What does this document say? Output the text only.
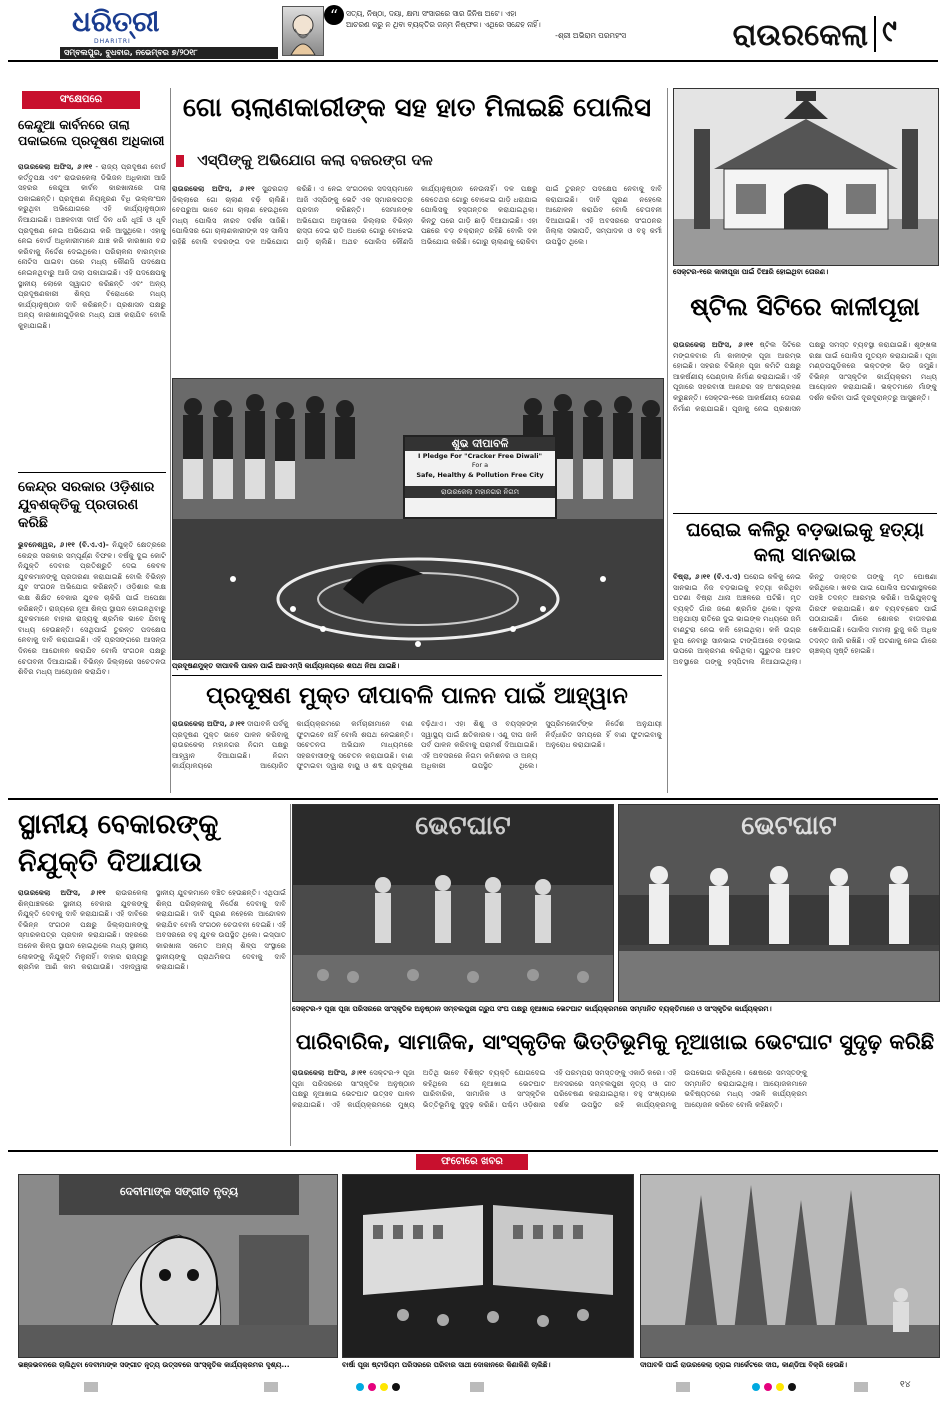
ଧରିତ୍ରୀ
DHARITRI
ସମ୍ବଲପୁର, ବୁଧବାର, ନଭେମ୍ବର ୭/୨୦୧୮
“	ସତ୍ୟ, ନିଷ୍ଠା, ଦୟା, କ୍ଷମା ସଂସାରରେ ସାର ଜିନିଷ ଅଟେ। ଏହା
ଆଚରଣ କରୁ ନ ଥିବା ବ୍ୟକ୍ତିର ଜନ୍ମ ନିଷ୍ଫଳ। ଏଥିରେ ସନ୍ଦେହ ନାହିଁ।
-ଶ୍ରୀ ଅଭିରାମ ପରମହଂସ	ରାଉରକେଲା ୯
ସଂକ୍ଷେପରେ
କେନ୍ଦୁଆ କାର୍ବନରେ ତାଲା ପକାଇଲେ ପ୍ରଦୂଷଣ ଅଧିକାରୀ
ରାଉରକେଲା ଅଫିସ, ୬।୧୧ - ରାଜ୍ୟ ପ୍ରଦୂଷଣ ବୋର୍ଡ କର୍ତ୍ତୃପକ୍ଷ ଏବଂ ରାଉରକେଲା ଡିଭିଜନ ଅଧିକାରୀ ଆଜି ସହରର କେନ୍ଦୁଆ କାର୍ବନ କାରଖାନାରେ ତାଲା ପକାଇଛନ୍ତି। ପ୍ରଦୂଷଣ ନିୟନ୍ତ୍ରଣ ବିଧି ଉଲ୍ଲଂଘନ କରୁଥିବା ଅଭିଯୋଗରେ ଏହି କାର୍ଯ୍ୟାନୁଷ୍ଠାନ ନିଆଯାଇଛି। ଅଞ୍ଚଳବାସୀ ଦୀର୍ଘ ଦିନ ଧରି ଧୂଆଁ ଓ ଧୂଳି ପ୍ରଦୂଷଣ ନେଇ ଅଭିଯୋଗ କରି ଆସୁଥିଲେ। ଏହାକୁ ନେଇ ବୋର୍ଡ ଅଧିକାରୀମାନେ ଯାଞ୍ଚ କରି କାରଖାନା ବନ୍ଦ କରିବାକୁ ନିର୍ଦ୍ଦେଶ ଦେଇଥିଲେ। ପରିଚାଳନା ବାରମ୍ବାର ନୋଟିସ ପାଇବା ପରେ ମଧ୍ୟ କୌଣସି ପଦକ୍ଷେପ ନେଇନଥିବାରୁ ଆଜି ତାଲା ପକାଯାଇଛି। ଏହି ପଦକ୍ଷେପକୁ ସ୍ଥାନୀୟ ଲୋକେ ସ୍ୱାଗତ କରିଛନ୍ତି ଏବଂ ଅନ୍ୟ ପ୍ରଦୂଷଣକାରୀ ଶିଳ୍ପ ବିରୋଧରେ ମଧ୍ୟ କାର୍ଯ୍ୟାନୁଷ୍ଠାନ ଦାବି କରିଛନ୍ତି। ପ୍ରଶାସନ ପକ୍ଷରୁ ଅନ୍ୟ କାରଖାନାଗୁଡ଼ିକର ମଧ୍ୟ ଯାଞ୍ଚ କରାଯିବ ବୋଲି କୁହାଯାଇଛି।
କେନ୍ଦ୍ର ସରକାର ଓଡ଼ିଶାର ଯୁବଶକ୍ତିକୁ ପ୍ରତାରଣ କରିଛି
ଭୁବନେଶ୍ୱର, ୬।୧୧ (ବି.ଏ.ଏ)- ନିଯୁକ୍ତି କ୍ଷେତ୍ରରେ କେନ୍ଦ୍ର ସରକାର ସମ୍ପୂର୍ଣ୍ଣ ବିଫଳ। ବର୍ଷକୁ ଦୁଇ କୋଟି ନିଯୁକ୍ତି ଦେବାର ପ୍ରତିଶ୍ରୁତି ଦେଇ କେବଳ ଯୁବକମାନଙ୍କୁ ପ୍ରତାରଣା କରାଯାଇଛି ବୋଲି ବିଭିନ୍ନ ଯୁବ ସଂଗଠନ ଅଭିଯୋଗ କରିଛନ୍ତି। ଓଡ଼ିଶାର ଲକ୍ଷ ଲକ୍ଷ ଶିକ୍ଷିତ ବେକାର ଯୁବକ ଚାକିରି ପାଇଁ ଅପେକ୍ଷା କରିଛନ୍ତି। ରାଜ୍ୟରେ ନୂଆ ଶିଳ୍ପ ସ୍ଥାପନ ହୋଇନଥିବାରୁ ଯୁବକମାନେ ବାହାର ରାଜ୍ୟକୁ ଶ୍ରମିକ ଭାବେ ଯିବାକୁ ବାଧ୍ୟ ହେଉଛନ୍ତି। ସେଥିପାଇଁ ତୁରନ୍ତ ପଦକ୍ଷେପ ନେବାକୁ ଦାବି କରାଯାଇଛି। ଏହି ପ୍ରସଙ୍ଗରେ ଆସନ୍ତା ଦିନରେ ଆନ୍ଦୋଳନ କରାଯିବ ବୋଲି ସଂଗଠନ ପକ୍ଷରୁ ଚେତାବନୀ ଦିଆଯାଇଛି। ବିଭିନ୍ନ ଜିଲ୍ଲାରେ ସଚେତନତା ଶିବିର ମଧ୍ୟ ଆୟୋଜନ କରାଯିବ।
ଗୋ ଚାଲାଣକାରୀଙ୍କ ସହ ହାତ ମିଳାଇଛି ପୋଲିସ
ଏସ୍‌ପିଙ୍କୁ ଅଭିଯୋଗ କଲା ବଜରଙ୍ଗ ଦଳ
ରାଉରକେଲା ଅଫିସ, ୬।୧୧ ସୁନ୍ଦରଗଡ଼ ଜିଲ୍ଲାରେ ଗୋ ଚାଲାଣ ବଢ଼ି ଚାଲିଛି। ବେପରୁଆ ଭାବେ ଗୋ ଚାଲାଣ ହେଉଥିଲେ ମଧ୍ୟ ପୋଲିସ ନୀରବ ଦର୍ଶକ ସାଜିଛି। ପୋଲିସର ଗୋ ଚାଲାଣକାରୀଙ୍କ ସହ ସାଲିସ ରହିଛି ବୋଲି ବଜରଙ୍ଗ ଦଳ ଅଭିଯୋଗ କରିଛି। ଏ ନେଇ ସଂଗଠନର ସଦସ୍ୟମାନେ ଆଜି ଏସ୍‌ପିଙ୍କୁ ଭେଟି ଏକ ସ୍ମାରକପତ୍ର ପ୍ରଦାନ କରିଛନ୍ତି। ସେମାନଙ୍କ ଅଭିଯୋଗ ଅନୁସାରେ ଜିଲ୍ଲାର ବିଭିନ୍ନ ରାସ୍ତା ଦେଇ ରାତି ଅଧରେ ଗୋରୁ ବୋଝେଇ ଗାଡ଼ି ଚାଲିଛି। ଅଥଚ ପୋଲିସ କୌଣସି କାର୍ଯ୍ୟାନୁଷ୍ଠାନ ନେଉନାହିଁ। ଦଳ ପକ୍ଷରୁ କେତେଥର ଗୋରୁ ବୋଝେଇ ଗାଡ଼ି ଧରାଯାଇ ପୋଲିସକୁ ହସ୍ତାନ୍ତର କରାଯାଇଥିଲା। କିନ୍ତୁ ପରେ ଗାଡ଼ି ଛାଡ଼ି ଦିଆଯାଇଛି। ଏହା ପଛରେ ବଡ଼ ଚକ୍ରାନ୍ତ ରହିଛି ବୋଲି ଦଳ ଅଭିଯୋଗ କରିଛି। ଗୋରୁ ଚାଲାଣକୁ ରୋକିବା ପାଇଁ ତୁରନ୍ତ ପଦକ୍ଷେପ ନେବାକୁ ଦାବି କରାଯାଇଛି। ଦାବି ପୂରଣ ନହେଲେ ଆନ୍ଦୋଳନ କରାଯିବ ବୋଲି ଚେତାବନୀ ଦିଆଯାଇଛି। ଏହି ଅବସରରେ ସଂଗଠନର ଜିଲ୍ଲା ସଭାପତି, ସମ୍ପାଦକ ଓ ବହୁ କର୍ମୀ ଉପସ୍ଥିତ ଥିଲେ।
ଶୁଭ ଦୀପାବଳି
I Pledge For "Cracker Free Diwali"
For a
Safe, Healthy & Pollution Free City
ରାଉରକେଲା ମହାନଗର ନିଗମ
ପ୍ରଦୂଷଣମୁକ୍ତ ଦୀପାବଳି ପାଳନ ପାଇଁ ଆରଏମ୍‌ସି କାର୍ଯ୍ୟାଳୟରେ ଶପଥ ନିଆ ଯାଇଛି।
ପ୍ରଦୂଷଣ ମୁକ୍ତ ଦୀପାବଳି ପାଳନ ପାଇଁ ଆହ୍ୱାନ
ରାଉରକେଲା ଅଫିସ, ୬।୧୧ ଦୀପାବଳି ପର୍ବକୁ ପ୍ରଦୂଷଣ ମୁକ୍ତ ଭାବେ ପାଳନ କରିବାକୁ ରାଉରକେଲା ମହାନଗର ନିଗମ ପକ୍ଷରୁ ଆହ୍ୱାନ ଦିଆଯାଇଛି। ନିଗମ କାର୍ଯ୍ୟାଳୟରେ ଆୟୋଜିତ କାର୍ଯ୍ୟକ୍ରମରେ କର୍ମଚାରୀମାନେ ବାଣ ଫୁଟାଇବେ ନାହିଁ ବୋଲି ଶପଥ ନେଇଛନ୍ତି। ସଚେତନତା ଅଭିଯାନ ମାଧ୍ୟମରେ ସହରବାସୀଙ୍କୁ ସଚେତନ କରାଯାଉଛି। ବାଣ ଫୁଟାଇବା ଦ୍ୱାରା ବାୟୁ ଓ ଶବ୍ଦ ପ୍ରଦୂଷଣ ବଢ଼ିଥାଏ। ଏହା ଶିଶୁ ଓ ବୟସ୍କଙ୍କ ସ୍ୱାସ୍ଥ୍ୟ ପାଇଁ କ୍ଷତିକାରକ। ଏଣୁ ଦୀପ ଜାଳି ପର୍ବ ପାଳନ କରିବାକୁ ପରାମର୍ଶ ଦିଆଯାଇଛି। ଏହି ଅବସରରେ ନିଗମ କମିଶନର ଓ ଅନ୍ୟ ଅଧିକାରୀ ଉପସ୍ଥିତ ଥିଲେ। ସୁପ୍ରିମକୋର୍ଟଙ୍କ ନିର୍ଦ୍ଦେଶ ଅନୁଯାୟୀ ନିର୍ଦ୍ଧାରିତ ସମୟରେ ହିଁ ବାଣ ଫୁଟାଇବାକୁ ଅନୁରୋଧ କରାଯାଇଛି।
ସେକ୍ଟର-୧ରେ କାଳୀପୂଜା ପାଇଁ ତିଆରି ହୋଇଥିବା ତୋରଣ।
ଷ୍ଟିଲ ସିଟିରେ କାଳୀପୂଜା
ରାଉରକେଲା ଅଫିସ, ୬।୧୧ ଷ୍ଟିଲ ସିଟିରେ ମଙ୍ଗଳବାର ମାଁ କାଳୀଙ୍କ ପୂଜା ଆରମ୍ଭ ହୋଇଛି। ସହରର ବିଭିନ୍ନ ପୂଜା କମିଟି ପକ୍ଷରୁ ଆକର୍ଷଣୀୟ ପେଣ୍ଡାଲ ନିର୍ମାଣ କରାଯାଇଛି। ଏହି ପୂଜାରେ ସହରବାସୀ ଆନନ୍ଦର ସହ ଅଂଶଗ୍ରହଣ କରୁଛନ୍ତି। ସେକ୍ଟର-୧ରେ ଆକର୍ଷଣୀୟ ତୋରଣ ନିର୍ମାଣ କରାଯାଇଛି। ପୂଜାକୁ ନେଇ ପ୍ରଶାସନ ପକ୍ଷରୁ ସମସ୍ତ ବ୍ୟବସ୍ଥା କରାଯାଇଛି। ଶୃଙ୍ଖଳା ରକ୍ଷା ପାଇଁ ପୋଲିସ ମୁତୟନ କରାଯାଇଛି। ପୂଜା ମଣ୍ଡପଗୁଡ଼ିକରେ ଭକ୍ତଙ୍କ ଭିଡ଼ ଜମୁଛି। ବିଭିନ୍ନ ସାଂସ୍କୃତିକ କାର୍ଯ୍ୟକ୍ରମ ମଧ୍ୟ ଆୟୋଜନ କରାଯାଇଛି। ଭକ୍ତମାନେ ମାଁଙ୍କୁ ଦର୍ଶନ କରିବା ପାଇଁ ଦୂରଦୂରାନ୍ତରୁ ଆସୁଛନ୍ତି।
ଘରୋଇ କଳିରୁ ବଡ଼ଭାଇକୁ ହତ୍ୟା କଲା ସାନଭାଇ
ବିଷ୍ରା, ୬।୧୧ (ବି.ଏ.ଏ) ଘରୋଇ କଳିକୁ ନେଇ ସାନଭାଇ ନିଜ ବଡ଼ଭାଇକୁ ହତ୍ୟା କରିଥିବା ଘଟଣା ବିଷ୍ରା ଥାନା ଅଞ୍ଚଳରେ ଘଟିଛି। ମୃତ ବ୍ୟକ୍ତି ଗାଁର ଜଣେ ଶ୍ରମିକ ଥିଲେ। ସୂଚନା ଅନୁଯାୟୀ ରାତିରେ ଦୁଇ ଭାଇଙ୍କ ମଧ୍ୟରେ ଜମି ବାଣ୍ଟୁରା ନେଇ କଳି ହୋଇଥିଲା। କଳି ଉଗ୍ର ରୂପ ନେବାରୁ ସାନଭାଇ ଟାଙ୍ଗିଆରେ ବଡ଼ଭାଇ ଉପରେ ଆକ୍ରମଣ କରିଥିଲା। ଗୁରୁତର ଆହତ ଅବସ୍ଥାରେ ତାଙ୍କୁ ହସ୍ପିଟାଲ ନିଆଯାଇଥିଲା। କିନ୍ତୁ ଡାକ୍ତର ତାଙ୍କୁ ମୃତ ଘୋଷଣା କରିଥିଲେ। ଖବର ପାଇ ପୋଲିସ ଘଟଣାସ୍ଥଳରେ ପହଞ୍ଚି ତଦନ୍ତ ଆରମ୍ଭ କରିଛି। ଅଭିଯୁକ୍ତକୁ ଗିରଫ କରାଯାଇଛି। ଶବ ବ୍ୟବଚ୍ଛେଦ ପାଇଁ ପଠାଯାଇଛି। ଗାଁରେ ଶୋକର ବାତାବରଣ ଖେଳିଯାଇଛି। ପୋଲିସ ମାମଲା ରୁଜୁ କରି ଅଧିକ ତଦନ୍ତ ଜାରି ରଖିଛି। ଏହି ଘଟଣାକୁ ନେଇ ଗାଁରେ ଚାଞ୍ଚଲ୍ୟ ସୃଷ୍ଟି ହୋଇଛି।
ସ୍ଥାନୀୟ ବେକାରଙ୍କୁ ନିଯୁକ୍ତି ଦିଆଯାଉ
ରାଉରକେଲା ଅଫିସ, ୬।୧୧ ରାଉରକେଲା ଶିଳ୍ପାଞ୍ଚଳରେ ସ୍ଥାନୀୟ ବେକାର ଯୁବକଙ୍କୁ ନିଯୁକ୍ତି ଦେବାକୁ ଦାବି କରାଯାଇଛି। ଏହି ଦାବିରେ ବିଭିନ୍ନ ସଂଗଠନ ପକ୍ଷରୁ ଜିଲ୍ଲାପାଳଙ୍କୁ ସ୍ମାରକପତ୍ର ପ୍ରଦାନ କରାଯାଇଛି। ସହରରେ ଅନେକ ଶିଳ୍ପ ସ୍ଥାପନ ହୋଇଥିଲେ ମଧ୍ୟ ସ୍ଥାନୀୟ ଲୋକଙ୍କୁ ନିଯୁକ୍ତି ମିଳୁନାହିଁ। ବାହାର ରାଜ୍ୟରୁ ଶ୍ରମିକ ଆଣି କାମ କରାଯାଉଛି। ଏହାଦ୍ୱାରା ସ୍ଥାନୀୟ ଯୁବକମାନେ ବଞ୍ଚିତ ହେଉଛନ୍ତି। ଏଥିପାଇଁ ଶିଳ୍ପ ପରିଚାଳନାକୁ ନିର୍ଦ୍ଦେଶ ଦେବାକୁ ଦାବି କରାଯାଇଛି। ଦାବି ପୂରଣ ନହେଲେ ଆନ୍ଦୋଳନ କରାଯିବ ବୋଲି ସଂଗଠନ ଚେତାବନୀ ଦେଇଛି। ଏହି ଅବସରରେ ବହୁ ଯୁବକ ଉପସ୍ଥିତ ଥିଲେ। ଇସ୍ପାତ କାରଖାନା ସମେତ ଅନ୍ୟ ଶିଳ୍ପ ସଂସ୍ଥାରେ ସ୍ଥାନୀୟଙ୍କୁ ପ୍ରାଥମିକତା ଦେବାକୁ ଦାବି କରାଯାଇଛି।
ଭେଟଘାଟ	ଭେଟଘାଟ
ସେକ୍ଟର-୨ ପୂଜା ପୂଜା ପରିସରରେ ସାଂସ୍କୃତିକ ଅନୁଷ୍ଠାନ ସମ୍ବଲପୁରୀ ଗ୍ରୁପ ସଂଘ ପକ୍ଷରୁ ନୂଆଖାଇ ଭେଟଘାଟ କାର୍ଯ୍ୟକ୍ରମରେ ସମ୍ମାନିତ ବ୍ୟକ୍ତିମାନେ ଓ ସାଂସ୍କୃତିକ କାର୍ଯ୍ୟକ୍ରମ।
ପାରିବାରିକ, ସାମାଜିକ, ସାଂସ୍କୃତିକ ଭିତ୍ତିଭୂମିକୁ ନୂଆଖାଇ ଭେଟଘାଟ ସୁଦୃଢ଼ କରିଛି
ରାଉରକେଲା ଅଫିସ, ୬।୧୧ ସେକ୍ଟର-୨ ପୂଜା ପୂଜା ପରିସରରେ ସାଂସ୍କୃତିକ ଅନୁଷ୍ଠାନ ପକ୍ଷରୁ ନୂଆଖାଇ ଭେଟଘାଟ ଉତ୍ସବ ପାଳନ କରାଯାଇଛି। ଏହି କାର୍ଯ୍ୟକ୍ରମରେ ମୁଖ୍ୟ ଅତିଥି ଭାବେ ବିଶିଷ୍ଟ ବ୍ୟକ୍ତି ଯୋଗଦେଇ କହିଥିଲେ ଯେ ନୂଆଖାଇ ଭେଟଘାଟ ପାରିବାରିକ, ସାମାଜିକ ଓ ସାଂସ୍କୃତିକ ଭିତ୍ତିଭୂମିକୁ ସୁଦୃଢ଼ କରିଛି। ପଶ୍ଚିମ ଓଡ଼ିଶାର ଏହି ପରମ୍ପରା ସମସ୍ତଙ୍କୁ ଏକାଠି କରେ। ଏହି ଅବସରରେ ସମ୍ବଲପୁରୀ ନୃତ୍ୟ ଓ ଗୀତ ପରିବେଷଣ କରାଯାଇଥିଲା। ବହୁ ସଂଖ୍ୟାରେ ଦର୍ଶକ ଉପସ୍ଥିତ ରହି କାର୍ଯ୍ୟକ୍ରମକୁ ଉପଭୋଗ କରିଥିଲେ। ଶେଷରେ ସମସ୍ତଙ୍କୁ ସମ୍ମାନିତ କରାଯାଇଥିଲା। ଆୟୋଜକମାନେ ଭବିଷ୍ୟତରେ ମଧ୍ୟ ଏଭଳି କାର୍ଯ୍ୟକ୍ରମ ଆୟୋଜନ କରିବେ ବୋଲି କହିଛନ୍ତି।
ଫଟୋରେ ଖବର
ଦେବୀମାଙ୍କ ସଙ୍ଗୀତ ନୃତ୍ୟ
ଭଞ୍ଜଭବନରେ ଚାଲିଥିବା ଦେବୀମାଙ୍କ ସଙ୍ଗୀତ ନୃତ୍ୟ ଉତ୍ସବରେ ସାଂସ୍କୃତିକ କାର୍ଯ୍ୟକ୍ରମର ଦୃଶ୍ୟ...	ବାର୍ଷା ପୂଜା ଷ୍ଟାଡିୟମ ପରିସରରେ ପରିବାର ସାଥୀ ଦୋକାନରେ କିଣାକିଣି ଚାଲିଛି।	ଦୀପାବଳି ପାଇଁ ରାଉରକେଲା ଡ୍ରାଇ ମାର୍କେଟରେ ଦୀପ, କାଣ୍ଡିଆ ବିକ୍ରି ହେଉଛି।
୧୪
